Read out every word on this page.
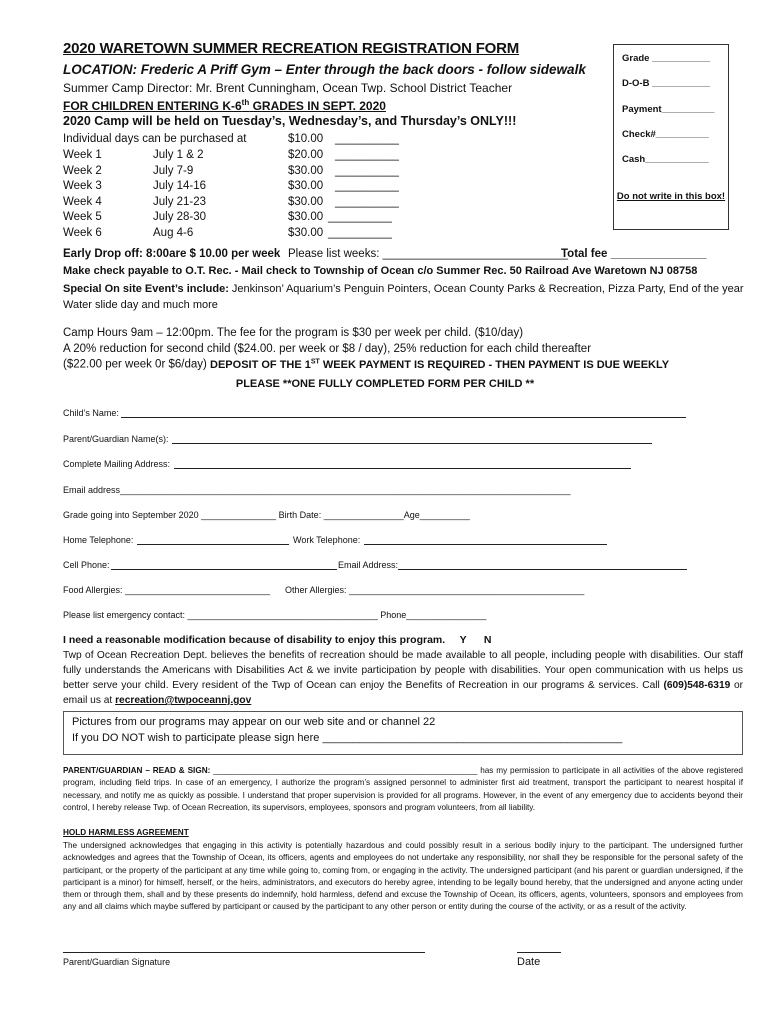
2020 WARETOWN SUMMER RECREATION REGISTRATION FORM
LOCATION: Frederic A Priff Gym – Enter through the back doors - follow sidewalk
Summer Camp Director: Mr. Brent Cunningham, Ocean Twp. School District Teacher
FOR CHILDREN ENTERING K-6th GRADES IN SEPT. 2020
2020 Camp will be held on Tuesday’s, Wednesday’s, and Thursday’s ONLY!!!
Grade ___________
D-O-B ___________
Payment__________
Check#__________
Cash____________
Do not write in this box!
Individual days can be purchased at	$10.00 __________
Week 1	July 1 & 2	$20.00 __________
Week 2	July 7-9	$30.00 __________
Week 3	July 14-16	$30.00 __________
Week 4	July 21-23	$30.00 __________
Week 5	July 28-30	$30.00 __________
Week 6	Aug 4-6	$30.00 __________
Early Drop off: 8:00are $ 10.00 per week Please list weeks: _____________________________
Total fee _______________
Make check payable to O.T. Rec. - Mail check to Township of Ocean c/o Summer Rec. 50 Railroad Ave Waretown NJ 08758
Special On site Event’s include: Jenkinson’ Aquarium’s Penguin Pointers, Ocean County Parks & Recreation, Pizza Party, End of the year Water slide day and much more
Camp Hours 9am – 12:00pm. The fee for the program is $30 per week per child. ($10/day)
A 20% reduction for second child ($24.00. per week or $8 / day), 25% reduction for each child thereafter
($22.00 per week 0r $6/day) DEPOSIT OF THE 1ST WEEK PAYMENT IS REQUIRED - THEN PAYMENT IS DUE WEEKLY
PLEASE **ONE FULLY COMPLETED FORM PER CHILD **
Child’s Name:
Parent/Guardian Name(s):
Complete Mailing Address:
Email address__________________________________________________________________________________________
Grade going into September 2020 _______________ Birth Date: ________________Age__________
Home Telephone:	Work Telephone:
Cell Phone:	Email Address:
Food Allergies: _____________________________ Other Allergies: _______________________________________________
Please list emergency contact: ______________________________________ Phone________________
I need a reasonable modification because of disability to enjoy this program.     Y      N
Twp of Ocean Recreation Dept. believes the benefits of recreation should be made available to all people, including people with disabilities. Our staff fully understands the Americans with Disabilities Act & we invite participation by people with disabilities. Your open communication with us helps us better serve your child. Every resident of the Twp of Ocean can enjoy the Benefits of Recreation in our programs & services. Call (609)548-6319 or email us at recreation@twpoceannj.gov
Pictures from our programs may appear on our web site and or channel 22
If you DO NOT wish to participate please sign here _________________________________________________
PARENT/GUARDIAN – READ & SIGN: __________________________________________________________ has my permission to participate in all activities of the above registered program, including field trips. In case of an emergency, I authorize the program’s assigned personnel to administer first aid treatment, transport the participant to nearest hospital if necessary, and notify me as quickly as possible. I understand that proper supervision is provided for all programs. However, in the event of any emergency due to accidents beyond their control, I hereby release Twp. of Ocean Recreation, its supervisors, employees, sponsors and program volunteers, from all liability.
HOLD HARMLESS AGREEMENT
The undersigned acknowledges that engaging in this activity is potentially hazardous and could possibly result in a serious bodily injury to the participant. The undersigned further acknowledges and agrees that the Township of Ocean, its officers, agents and employees do not undertake any responsibility, nor shall they be responsible for the personal safety of the participant, or the property of the participant at any time while going to, coming from, or engaging in the activity. The undersigned participant (and his parent or guardian undersigned, if the participant is a minor) for himself, herself, or the heirs, administrators, and executors do hereby agree, intending to be legally bound hereby, that the undersigned and anyone acting under them or through them, shall and by these presents do indemnify, hold harmless, defend and excuse the Township of Ocean, its officers, agents, volunteers, sponsors and employees from any and all claims which maybe suffered by participant or caused by the participant to any other person or entity during the course of the activity, or as a result of the activity.
Parent/Guardian Signature	Date
